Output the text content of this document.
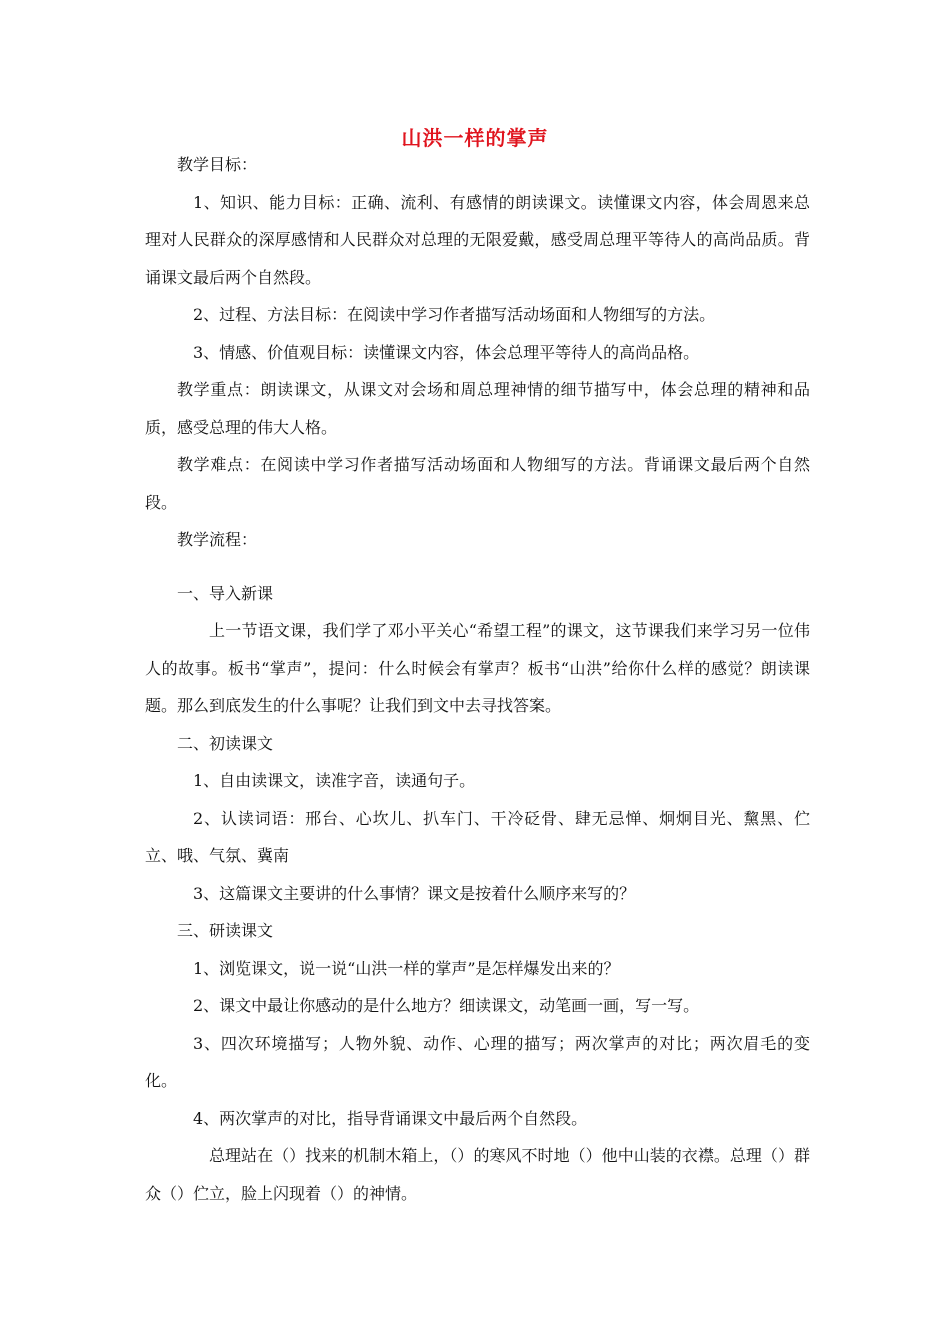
山洪一样的掌声

教学目标：

1、知识、能力目标：正确、流利、有感情的朗读课文。读懂课文内容，体会周恩来总理对人民群众的深厚感情和人民群众对总理的无限爱戴，感受周总理平等待人的高尚品质。背诵课文最后两个自然段。

2、过程、方法目标：在阅读中学习作者描写活动场面和人物细写的方法。

3、情感、价值观目标：读懂课文内容，体会总理平等待人的高尚品格。

教学重点：朗读课文，从课文对会场和周总理神情的细节描写中，体会总理的精神和品质，感受总理的伟大人格。

教学难点：在阅读中学习作者描写活动场面和人物细写的方法。背诵课文最后两个自然段。

教学流程：

一、导入新课

上一节语文课，我们学了邓小平关心“希望工程”的课文，这节课我们来学习另一位伟人的故事。板书“掌声”，提问：什么时候会有掌声？板书“山洪”给你什么样的感觉？朗读课题。那么到底发生的什么事呢？让我们到文中去寻找答案。

二、初读课文

1、自由读课文，读准字音，读通句子。

2、认读词语：邢台、心坎儿、扒车门、干冷砭骨、肆无忌惮、炯炯目光、黧黑、伫立、哦、气氛、冀南

3、这篇课文主要讲的什么事情？课文是按着什么顺序来写的？

三、研读课文

1、浏览课文，说一说“山洪一样的掌声”是怎样爆发出来的？

2、课文中最让你感动的是什么地方？细读课文，动笔画一画，写一写。

3、四次环境描写；人物外貌、动作、心理的描写；两次掌声的对比；两次眉毛的变化。

4、两次掌声的对比，指导背诵课文中最后两个自然段。

总理站在（）找来的机制木箱上，（）的寒风不时地（）他中山装的衣襟。总理（）群众（）伫立，脸上闪现着（）的神情。
